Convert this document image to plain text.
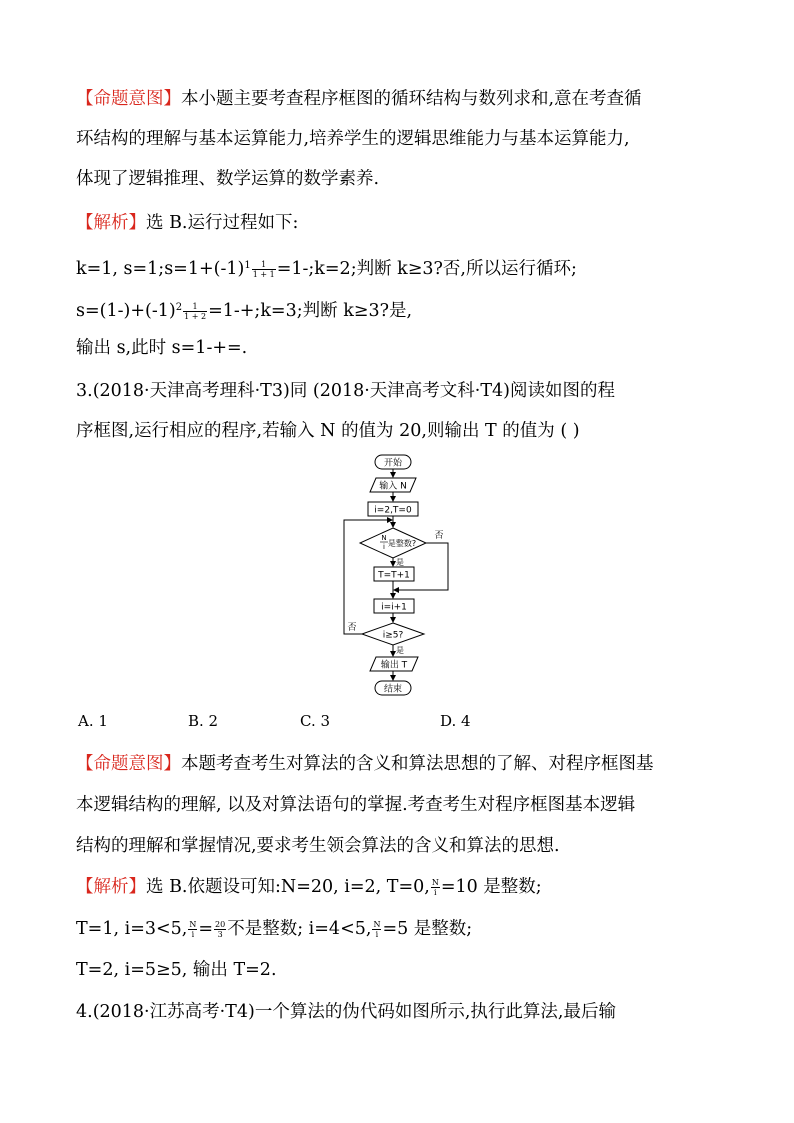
【命题意图】本小题主要考查程序框图的循环结构与数列求和,意在考查循
环结构的理解与基本运算能力,培养学生的逻辑思维能力与基本运算能力,
体现了逻辑推理、数学运算的数学素养.
【解析】选 B.运行过程如下:
k=1, $s=1;s=1+(-1)^1 \frac{1}{1 + 1}$ =1-;k=2;判断 k≥3?否,所以运行循环;
$s=(1-)+(-1)^2 \frac{1}{1 + 2}$ =1-+;k=3;判断 k≥3?是,
输出 s,此时 s=1-+=.
3.(2018·天津高考理科·T3)同 (2018·天津高考文科·T4)阅读如图的程
序框图,运行相应的程序,若输入 N 的值为 20,则输出 T 的值为 ( )
开始
输入 N
i=2,T=0
N
i 是整数?
否
是
T=T+1
i=i+1
i≥5?
否
是
输出 T
结束
A. 1	B. 2	C. 3	D. 4
【命题意图】本题考查考生对算法的含义和算法思想的了解、对程序框图基
本逻辑结构的理解, 以及对算法语句的掌握.考查考生对程序框图基本逻辑
结构的理解和掌握情况,要求考生领会算法的含义和算法的思想.
【解析】选 B.依题设可知:N=20, i=2, T=0, $\frac{N}{i} =10$ 是整数;
T=1, i=3<5, $\frac{N}{i} = \frac{20}{3}$ 不是整数; i=4<5, $\frac{N}{i} =5$ 是整数;
T=2, i=5≥5, 输出 T=2.
4.(2018·江苏高考·T4)一个算法的伪代码如图所示,执行此算法,最后输
